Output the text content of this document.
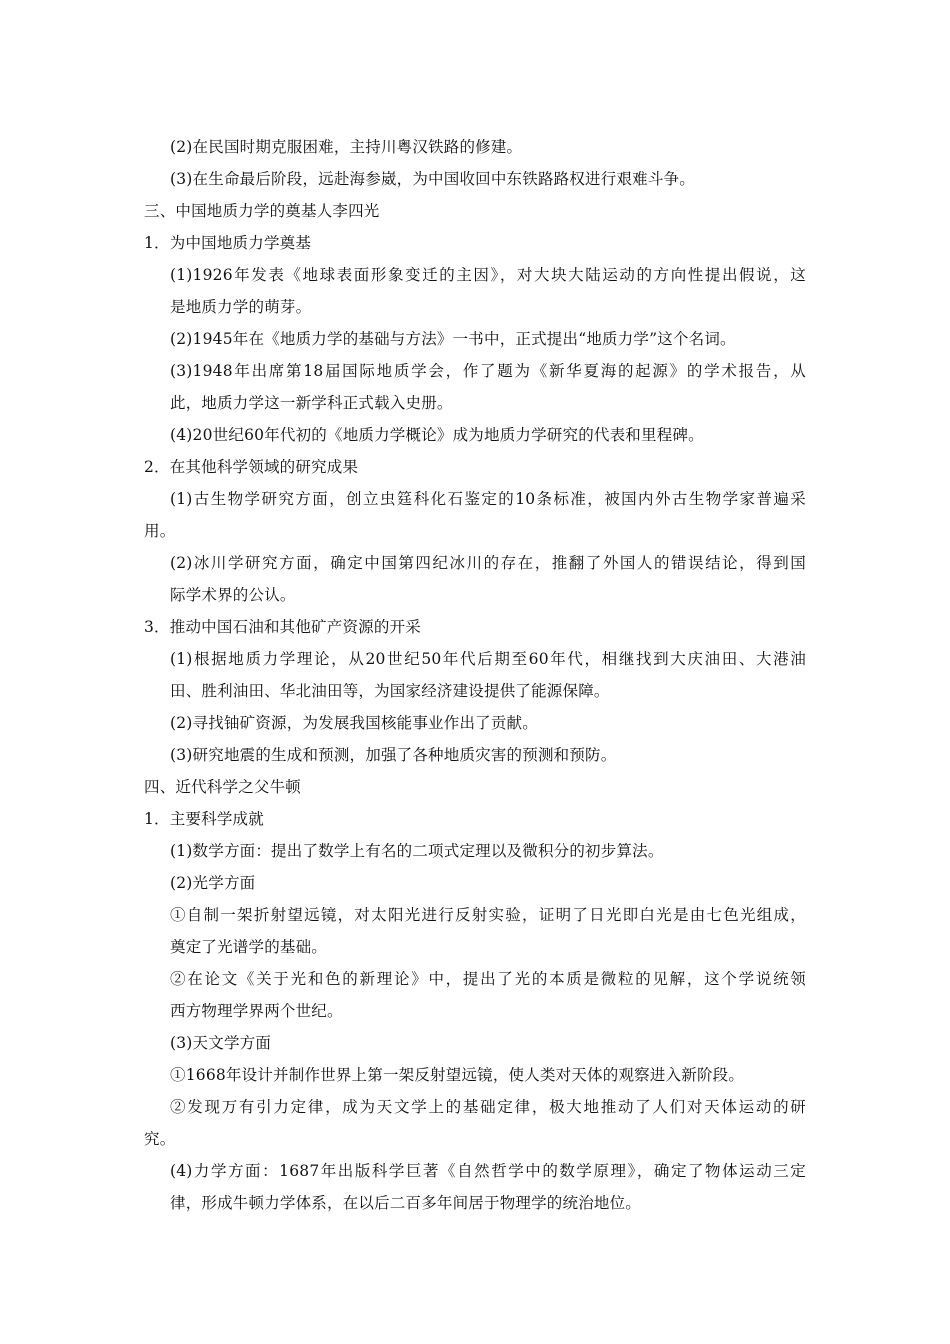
(2)在民国时期克服困难，主持川粤汉铁路的修建。
(3)在生命最后阶段，远赴海参崴，为中国收回中东铁路路权进行艰难斗争。
三、中国地质力学的奠基人李四光
1．为中国地质力学奠基
(1)1926年发表《地球表面形象变迁的主因》，对大块大陆运动的方向性提出假说，这
是地质力学的萌芽。
(2)1945年在《地质力学的基础与方法》一书中，正式提出“地质力学”这个名词。
(3)1948年出席第18届国际地质学会，作了题为《新华夏海的起源》的学术报告，从
此，地质力学这一新学科正式载入史册。
(4)20世纪60年代初的《地质力学概论》成为地质力学研究的代表和里程碑。
2．在其他科学领域的研究成果
(1)古生物学研究方面，创立虫筳科化石鉴定的10条标准，被国内外古生物学家普遍采
用。
(2)冰川学研究方面，确定中国第四纪冰川的存在，推翻了外国人的错误结论，得到国
际学术界的公认。
3．推动中国石油和其他矿产资源的开采
(1)根据地质力学理论，从20世纪50年代后期至60年代，相继找到大庆油田、大港油
田、胜利油田、华北油田等，为国家经济建设提供了能源保障。
(2)寻找铀矿资源，为发展我国核能事业作出了贡献。
(3)研究地震的生成和预测，加强了各种地质灾害的预测和预防。
四、近代科学之父牛顿
1．主要科学成就
(1)数学方面：提出了数学上有名的二项式定理以及微积分的初步算法。
(2)光学方面
①自制一架折射望远镜，对太阳光进行反射实验，证明了日光即白光是由七色光组成，
奠定了光谱学的基础。
②在论文《关于光和色的新理论》中，提出了光的本质是微粒的见解，这个学说统领
西方物理学界两个世纪。
(3)天文学方面
①1668年设计并制作世界上第一架反射望远镜，使人类对天体的观察进入新阶段。
②发现万有引力定律，成为天文学上的基础定律，极大地推动了人们对天体运动的研
究。
(4)力学方面：1687年出版科学巨著《自然哲学中的数学原理》，确定了物体运动三定
律，形成牛顿力学体系，在以后二百多年间居于物理学的统治地位。
